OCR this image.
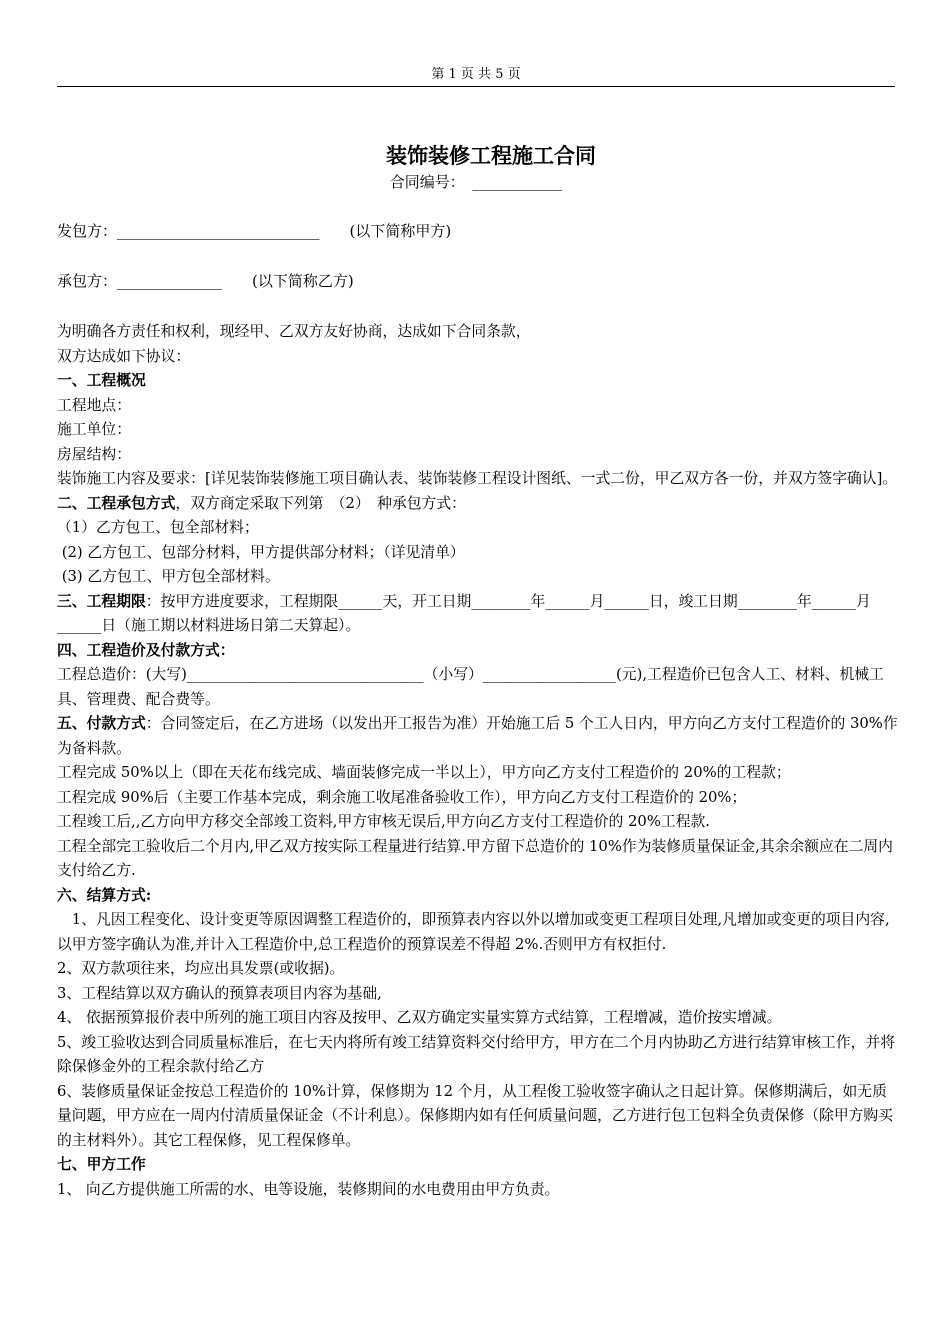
第 1 页 共 5 页
装饰装修工程施工合同
合同编号：　____________
发包方：___________________________　　(以下简称甲方)
承包方：______________　　(以下简称乙方)

为明确各方责任和权利，现经甲、乙双方友好协商，达成如下合同条款，

双方达成如下协议：

一、工程概况

工程地点：

施工单位：

房屋结构：

装饰施工内容及要求：[详见装饰装修施工项目确认表、装饰装修工程设计图纸、一式二份，甲乙双方各一份，并双方签字确认]。

二、工程承包方式，双方商定采取下列第　（2）　种承包方式：

（1）乙方包工、包全部材料；

(2) 乙方包工、包部分材料，甲方提供部分材料；（详见清单）

(3) 乙方包工、甲方包全部材料。

三、工程期限：按甲方进度要求，工程期限______天，开工日期________年______月______日，竣工日期________年______月______日（施工期以材料进场日第二天算起）。

四、工程造价及付款方式：

工程总造价：(大写)________________________________（小写）__________________(元),工程造价已包含人工、材料、机械工具、管理费、配合费等。

五、付款方式：合同签定后，在乙方进场（以发出开工报告为准）开始施工后 5 个工人日内，甲方向乙方支付工程造价的 30%作为备料款。

工程完成 50%以上（即在天花布线完成、墙面装修完成一半以上），甲方向乙方支付工程造价的 20%的工程款；

工程完成 90%后（主要工作基本完成，剩余施工收尾准备验收工作），甲方向乙方支付工程造价的 20%；

工程竣工后,,乙方向甲方移交全部竣工资料,甲方审核无误后,甲方向乙方支付工程造价的 20%工程款.

工程全部完工验收后二个月内,甲乙双方按实际工程量进行结算.甲方留下总造价的 10%作为装修质量保证金,其余余额应在二周内支付给乙方.

六、结算方式:

　1、凡因工程变化、设计变更等原因调整工程造价的，即预算表内容以外以增加或变更工程项目处理,凡增加或变更的项目内容,以甲方签字确认为准,并计入工程造价中,总工程造价的预算误差不得超 2%.否则甲方有权拒付.

2、双方款项往来，均应出具发票(或收据)。

3、工程结算以双方确认的预算表项目内容为基础,

4、 依据预算报价表中所列的施工项目内容及按甲、乙双方确定实量实算方式结算，工程增减，造价按实增减。

5、竣工验收达到合同质量标准后，在七天内将所有竣工结算资料交付给甲方，甲方在二个月内协助乙方进行结算审核工作，并将除保修金外的工程余款付给乙方

6、装修质量保证金按总工程造价的 10%计算，保修期为 12 个月，从工程俊工验收签字确认之日起计算。保修期满后，如无质量问题，甲方应在一周内付清质量保证金（不计利息）。保修期内如有任何质量问题，乙方进行包工包料全负责保修（除甲方购买的主材料外）。其它工程保修，见工程保修单。

七、甲方工作

1、 向乙方提供施工所需的水、电等设施，装修期间的水电费用由甲方负责。
